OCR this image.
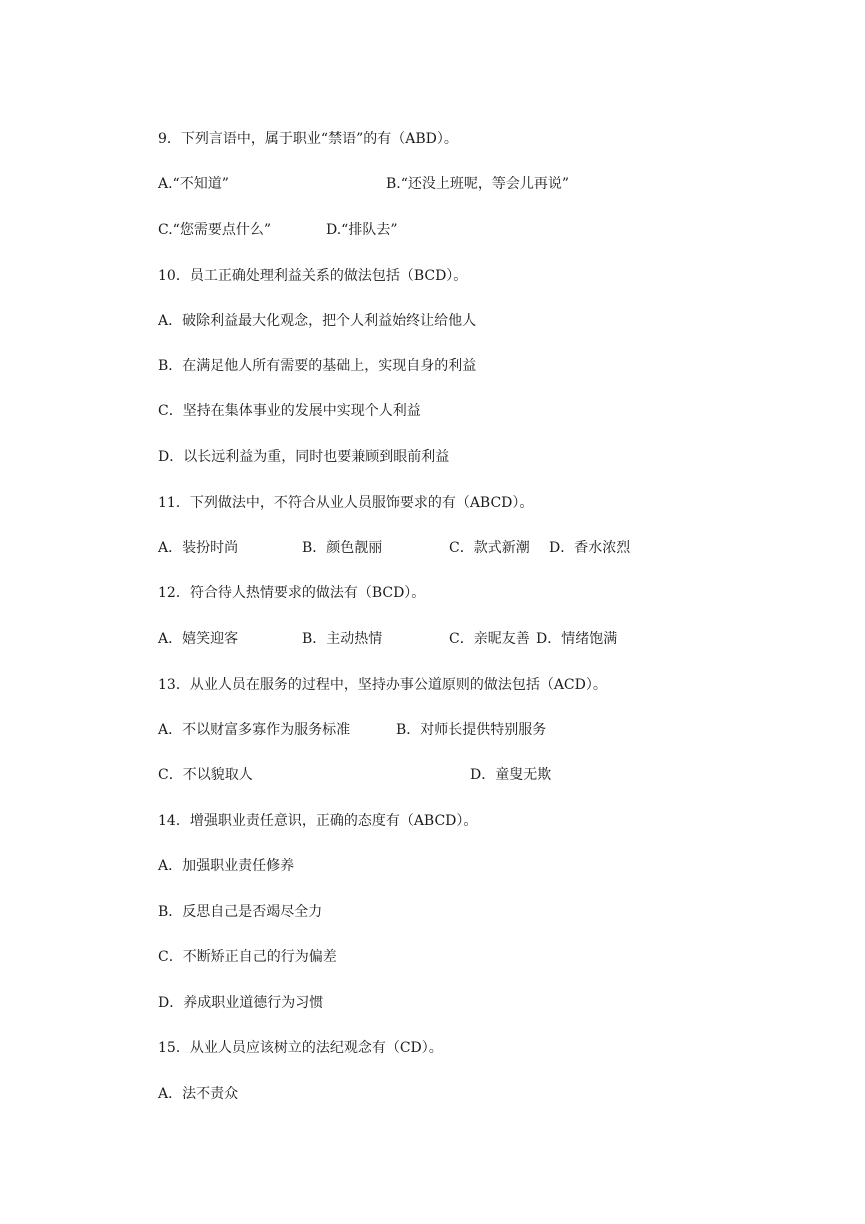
9．下列言语中，属于职业“禁语”的有（ABD）。

A.“不知道”

	B.“还没上班呢，等会儿再说”

C.“您需要点什么”

	D.“排队去”

10．员工正确处理利益关系的做法包括（BCD）。
A．破除利益最大化观念，把个人利益始终让给他人
B．在满足他人所有需要的基础上，实现自身的利益
C．坚持在集体事业的发展中实现个人利益
D．以长远利益为重，同时也要兼顾到眼前利益
11．下列做法中，不符合从业人员服饰要求的有（ABCD）。

A．装扮时尚

	B．颜色靓丽

	C．款式新潮

D．香水浓烈

12．符合待人热情要求的做法有（BCD）。

A．嬉笑迎客

	B．主动热情

	C．亲昵友善

D．情绪饱满

13．从业人员在服务的过程中，坚持办事公道原则的做法包括（ACD）。

A．不以财富多寡作为服务标准

	B．对师长提供特别服务

C．不以貌取人

	D．童叟无欺

14．增强职业责任意识，正确的态度有（ABCD）。
A．加强职业责任修养
B．反思自己是否竭尽全力
C．不断矫正自己的行为偏差
D．养成职业道德行为习惯
15．从业人员应该树立的法纪观念有（CD）。
A．法不责众
